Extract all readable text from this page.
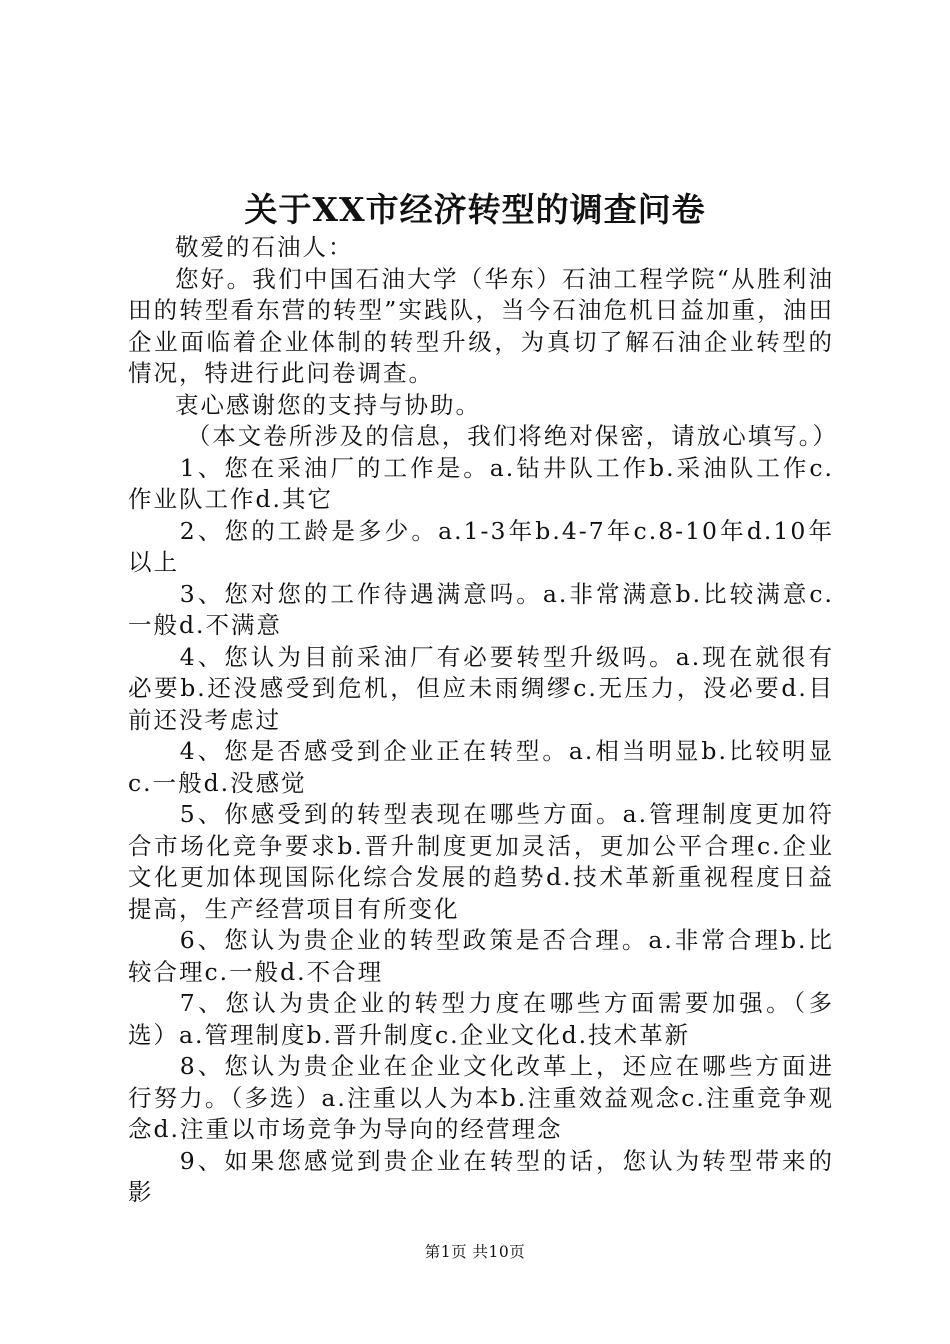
关于XX市经济转型的调查问卷

敬爱的石油人：

您好。我们中国石油大学（华东）石油工程学院“从胜利油田的转型看东营的转型”实践队，当今石油危机日益加重，油田企业面临着企业体制的转型升级，为真切了解石油企业转型的情况，特进行此问卷调查。

衷心感谢您的支持与协助。

（本文卷所涉及的信息，我们将绝对保密，请放心填写。）

1、您在采油厂的工作是。a.钻井队工作b.采油队工作c.作业队工作d.其它

2、您的工龄是多少。a.1-3年b.4-7年c.8-10年d.10年以上

3、您对您的工作待遇满意吗。a.非常满意b.比较满意c.一般d.不满意

4、您认为目前采油厂有必要转型升级吗。a.现在就很有必要b.还没感受到危机，但应未雨绸缪c.无压力，没必要d.目前还没考虑过

4、您是否感受到企业正在转型。a.相当明显b.比较明显c.一般d.没感觉

5、你感受到的转型表现在哪些方面。a.管理制度更加符合市场化竞争要求b.晋升制度更加灵活，更加公平合理c.企业文化更加体现国际化综合发展的趋势d.技术革新重视程度日益提高，生产经营项目有所变化

6、您认为贵企业的转型政策是否合理。a.非常合理b.比较合理c.一般d.不合理

7、您认为贵企业的转型力度在哪些方面需要加强。（多选）a.管理制度b.晋升制度c.企业文化d.技术革新

8、您认为贵企业在企业文化改革上，还应在哪些方面进行努力。（多选）a.注重以人为本b.注重效益观念c.注重竞争观念d.注重以市场竞争为导向的经营理念

9、如果您感觉到贵企业在转型的话，您认为转型带来的影

第1页 共10页
